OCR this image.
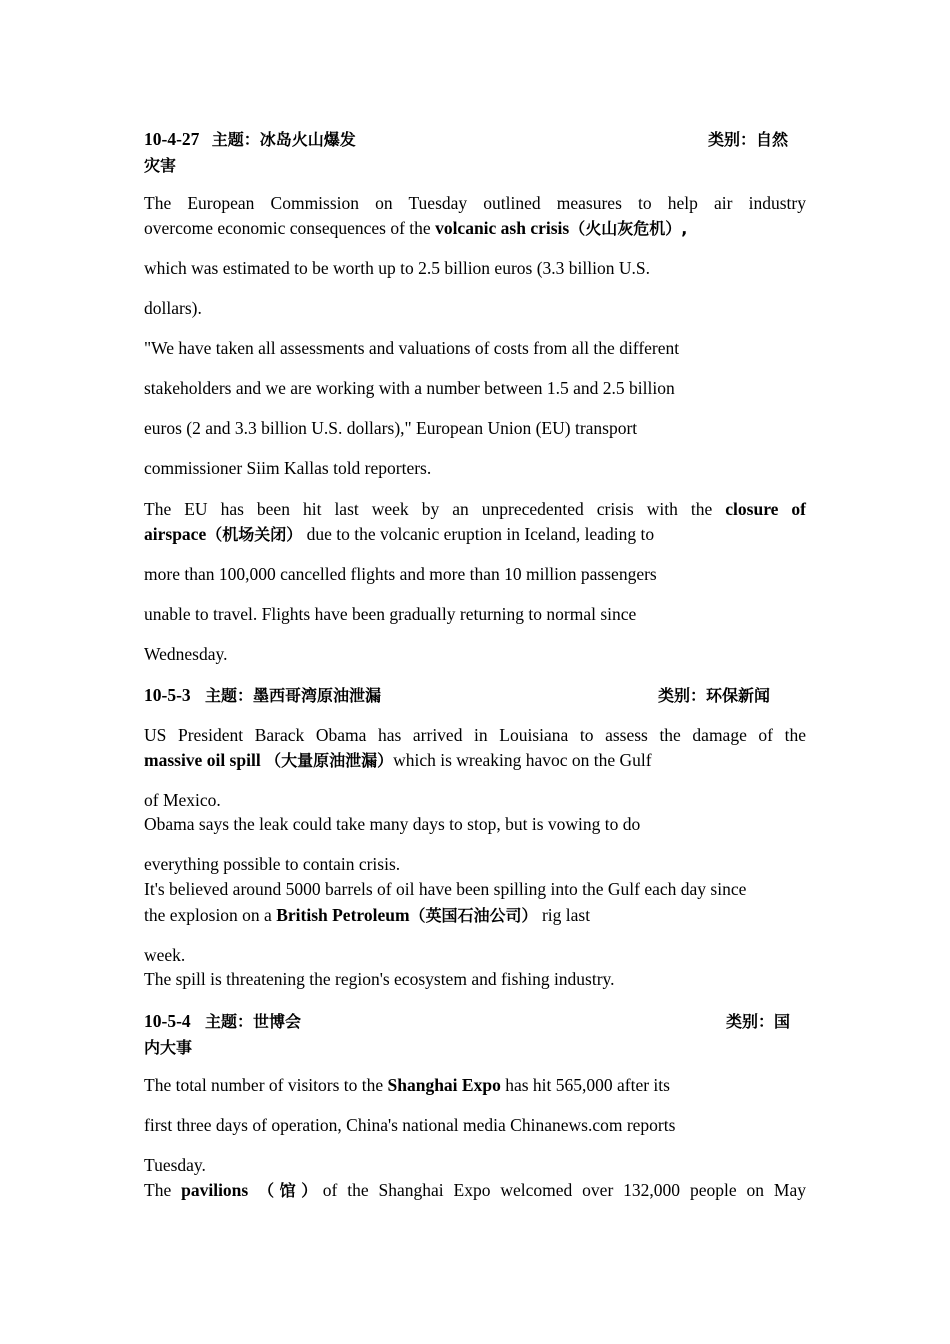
10-4-27 主题：冰岛火山爆发	类别：自然
灾害
The European Commission on Tuesday outlined measures to help air industry
overcome economic consequences of the volcanic ash crisis（火山灰危机）,
which was estimated to be worth up to 2.5 billion euros (3.3 billion U.S.
dollars).
"We have taken all assessments and valuations of costs from all the different
stakeholders and we are working with a number between 1.5 and 2.5 billion
euros (2 and 3.3 billion U.S. dollars)," European Union (EU) transport
commissioner Siim Kallas told reporters.
The EU has been hit last week by an unprecedented crisis with the closure of
airspace（机场关闭） due to the volcanic eruption in Iceland, leading to
more than 100,000 cancelled flights and more than 10 million passengers
unable to travel. Flights have been gradually returning to normal since
Wednesday.
10-5-3 主题：墨西哥湾原油泄漏	类别：环保新闻
US President Barack Obama has arrived in Louisiana to assess the damage of the
massive oil spill （大量原油泄漏）which is wreaking havoc on the Gulf
of Mexico.
Obama says the leak could take many days to stop, but is vowing to do
everything possible to contain crisis.
It's believed around 5000 barrels of oil have been spilling into the Gulf each day since
the explosion on a British Petroleum（英国石油公司） rig last
week.
The spill is threatening the region's ecosystem and fishing industry.
10-5-4 主题：世博会	类别：国
内大事
The total number of visitors to the Shanghai Expo has hit 565,000 after its
first three days of operation, China's national media Chinanews.com reports
Tuesday.
The pavilions （馆）of the Shanghai Expo welcomed over 132,000 people on May
